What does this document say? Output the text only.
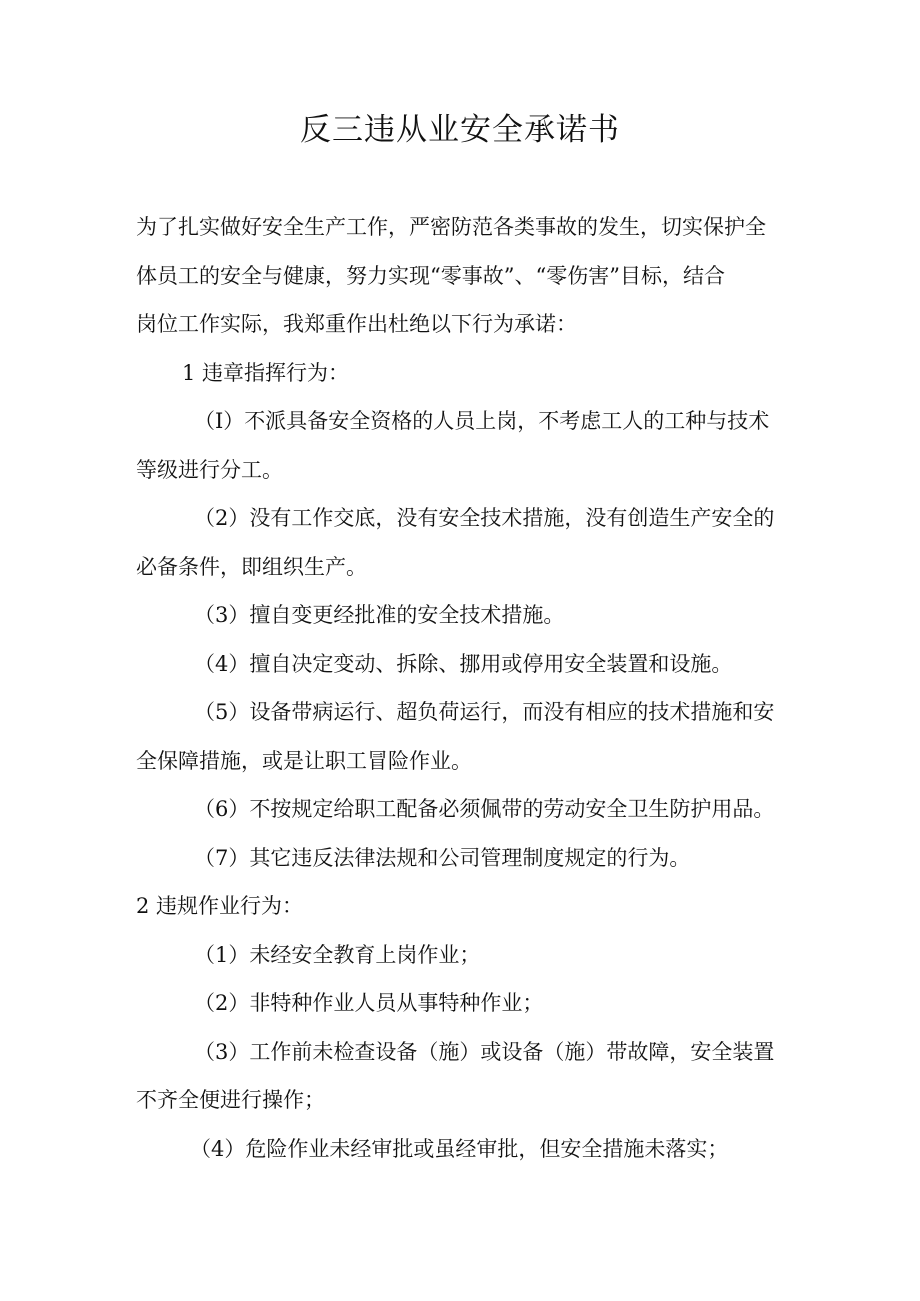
反三违从业安全承诺书
为了扎实做好安全生产工作，严密防范各类事故的发生，切实保护全
体员工的安全与健康，努力实现“零事故”、“零伤害”目标，结合
岗位工作实际，我郑重作出杜绝以下行为承诺：
1 违章指挥行为：
（I）不派具备安全资格的人员上岗，不考虑工人的工种与技术
等级进行分工。
（2）没有工作交底，没有安全技术措施，没有创造生产安全的
必备条件，即组织生产。
（3）擅自变更经批准的安全技术措施。
（4）擅自决定变动、拆除、挪用或停用安全装置和设施。
（5）设备带病运行、超负荷运行，而没有相应的技术措施和安
全保障措施，或是让职工冒险作业。
（6）不按规定给职工配备必须佩带的劳动安全卫生防护用品。
（7）其它违反法律法规和公司管理制度规定的行为。
2 违规作业行为：
（1）未经安全教育上岗作业；
（2）非特种作业人员从事特种作业；
（3）工作前未检查设备（施）或设备（施）带故障，安全装置
不齐全便进行操作；
（4）危险作业未经审批或虽经审批，但安全措施未落实；
